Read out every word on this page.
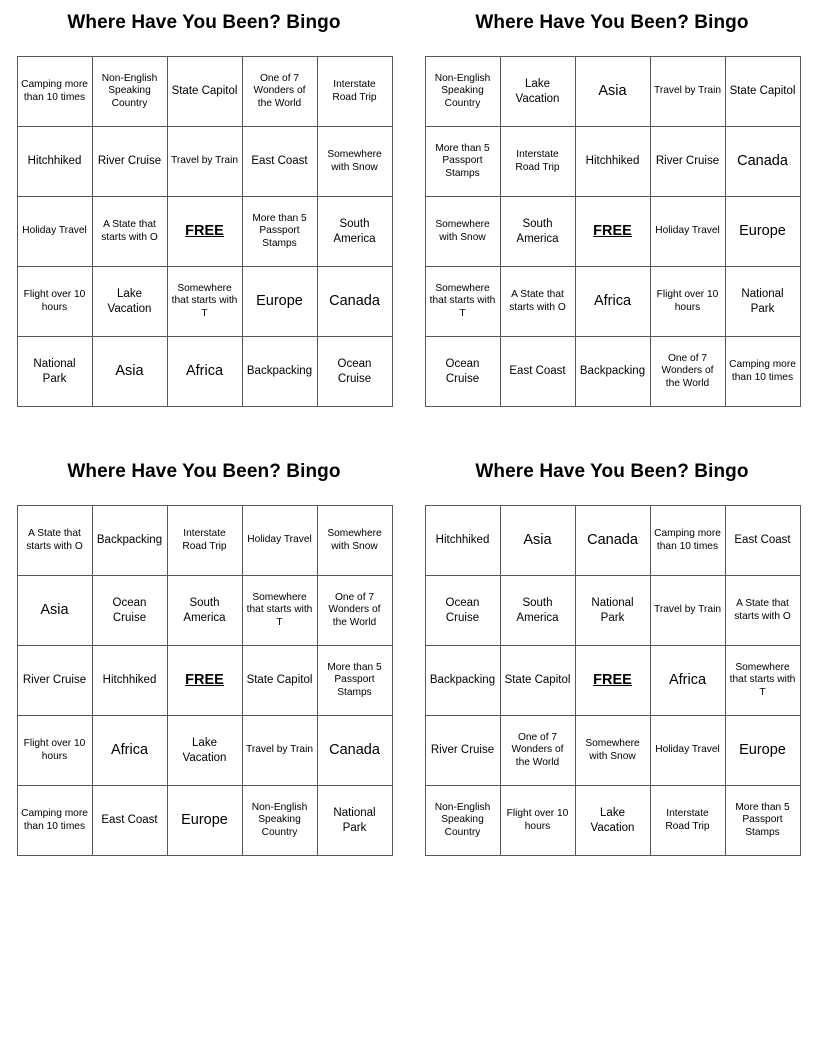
Where Have You Been? Bingo
Camping more than 10 times	Non-English Speaking Country	State Capitol	One of 7 Wonders of the World	Interstate Road Trip
Hitchhiked	River Cruise	Travel by Train	East Coast	Somewhere with Snow
Holiday Travel	A State that starts with O	FREE	More than 5 Passport Stamps	South America
Flight over 10 hours	Lake Vacation	Somewhere that starts with T	Europe	Canada
National Park	Asia	Africa	Backpacking	Ocean Cruise
Where Have You Been? Bingo
Non-English Speaking Country	Lake Vacation	Asia	Travel by Train	State Capitol
More than 5 Passport Stamps	Interstate Road Trip	Hitchhiked	River Cruise	Canada
Somewhere with Snow	South America	FREE	Holiday Travel	Europe
Somewhere that starts with T	A State that starts with O	Africa	Flight over 10 hours	National Park
Ocean Cruise	East Coast	Backpacking	One of 7 Wonders of the World	Camping more than 10 times
Where Have You Been? Bingo
A State that starts with O	Backpacking	Interstate Road Trip	Holiday Travel	Somewhere with Snow
Asia	Ocean Cruise	South America	Somewhere that starts with T	One of 7 Wonders of the World
River Cruise	Hitchhiked	FREE	State Capitol	More than 5 Passport Stamps
Flight over 10 hours	Africa	Lake Vacation	Travel by Train	Canada
Camping more than 10 times	East Coast	Europe	Non-English Speaking Country	National Park
Where Have You Been? Bingo
Hitchhiked	Asia	Canada	Camping more than 10 times	East Coast
Ocean Cruise	South America	National Park	Travel by Train	A State that starts with O
Backpacking	State Capitol	FREE	Africa	Somewhere that starts with T
River Cruise	One of 7 Wonders of the World	Somewhere with Snow	Holiday Travel	Europe
Non-English Speaking Country	Flight over 10 hours	Lake Vacation	Interstate Road Trip	More than 5 Passport Stamps
